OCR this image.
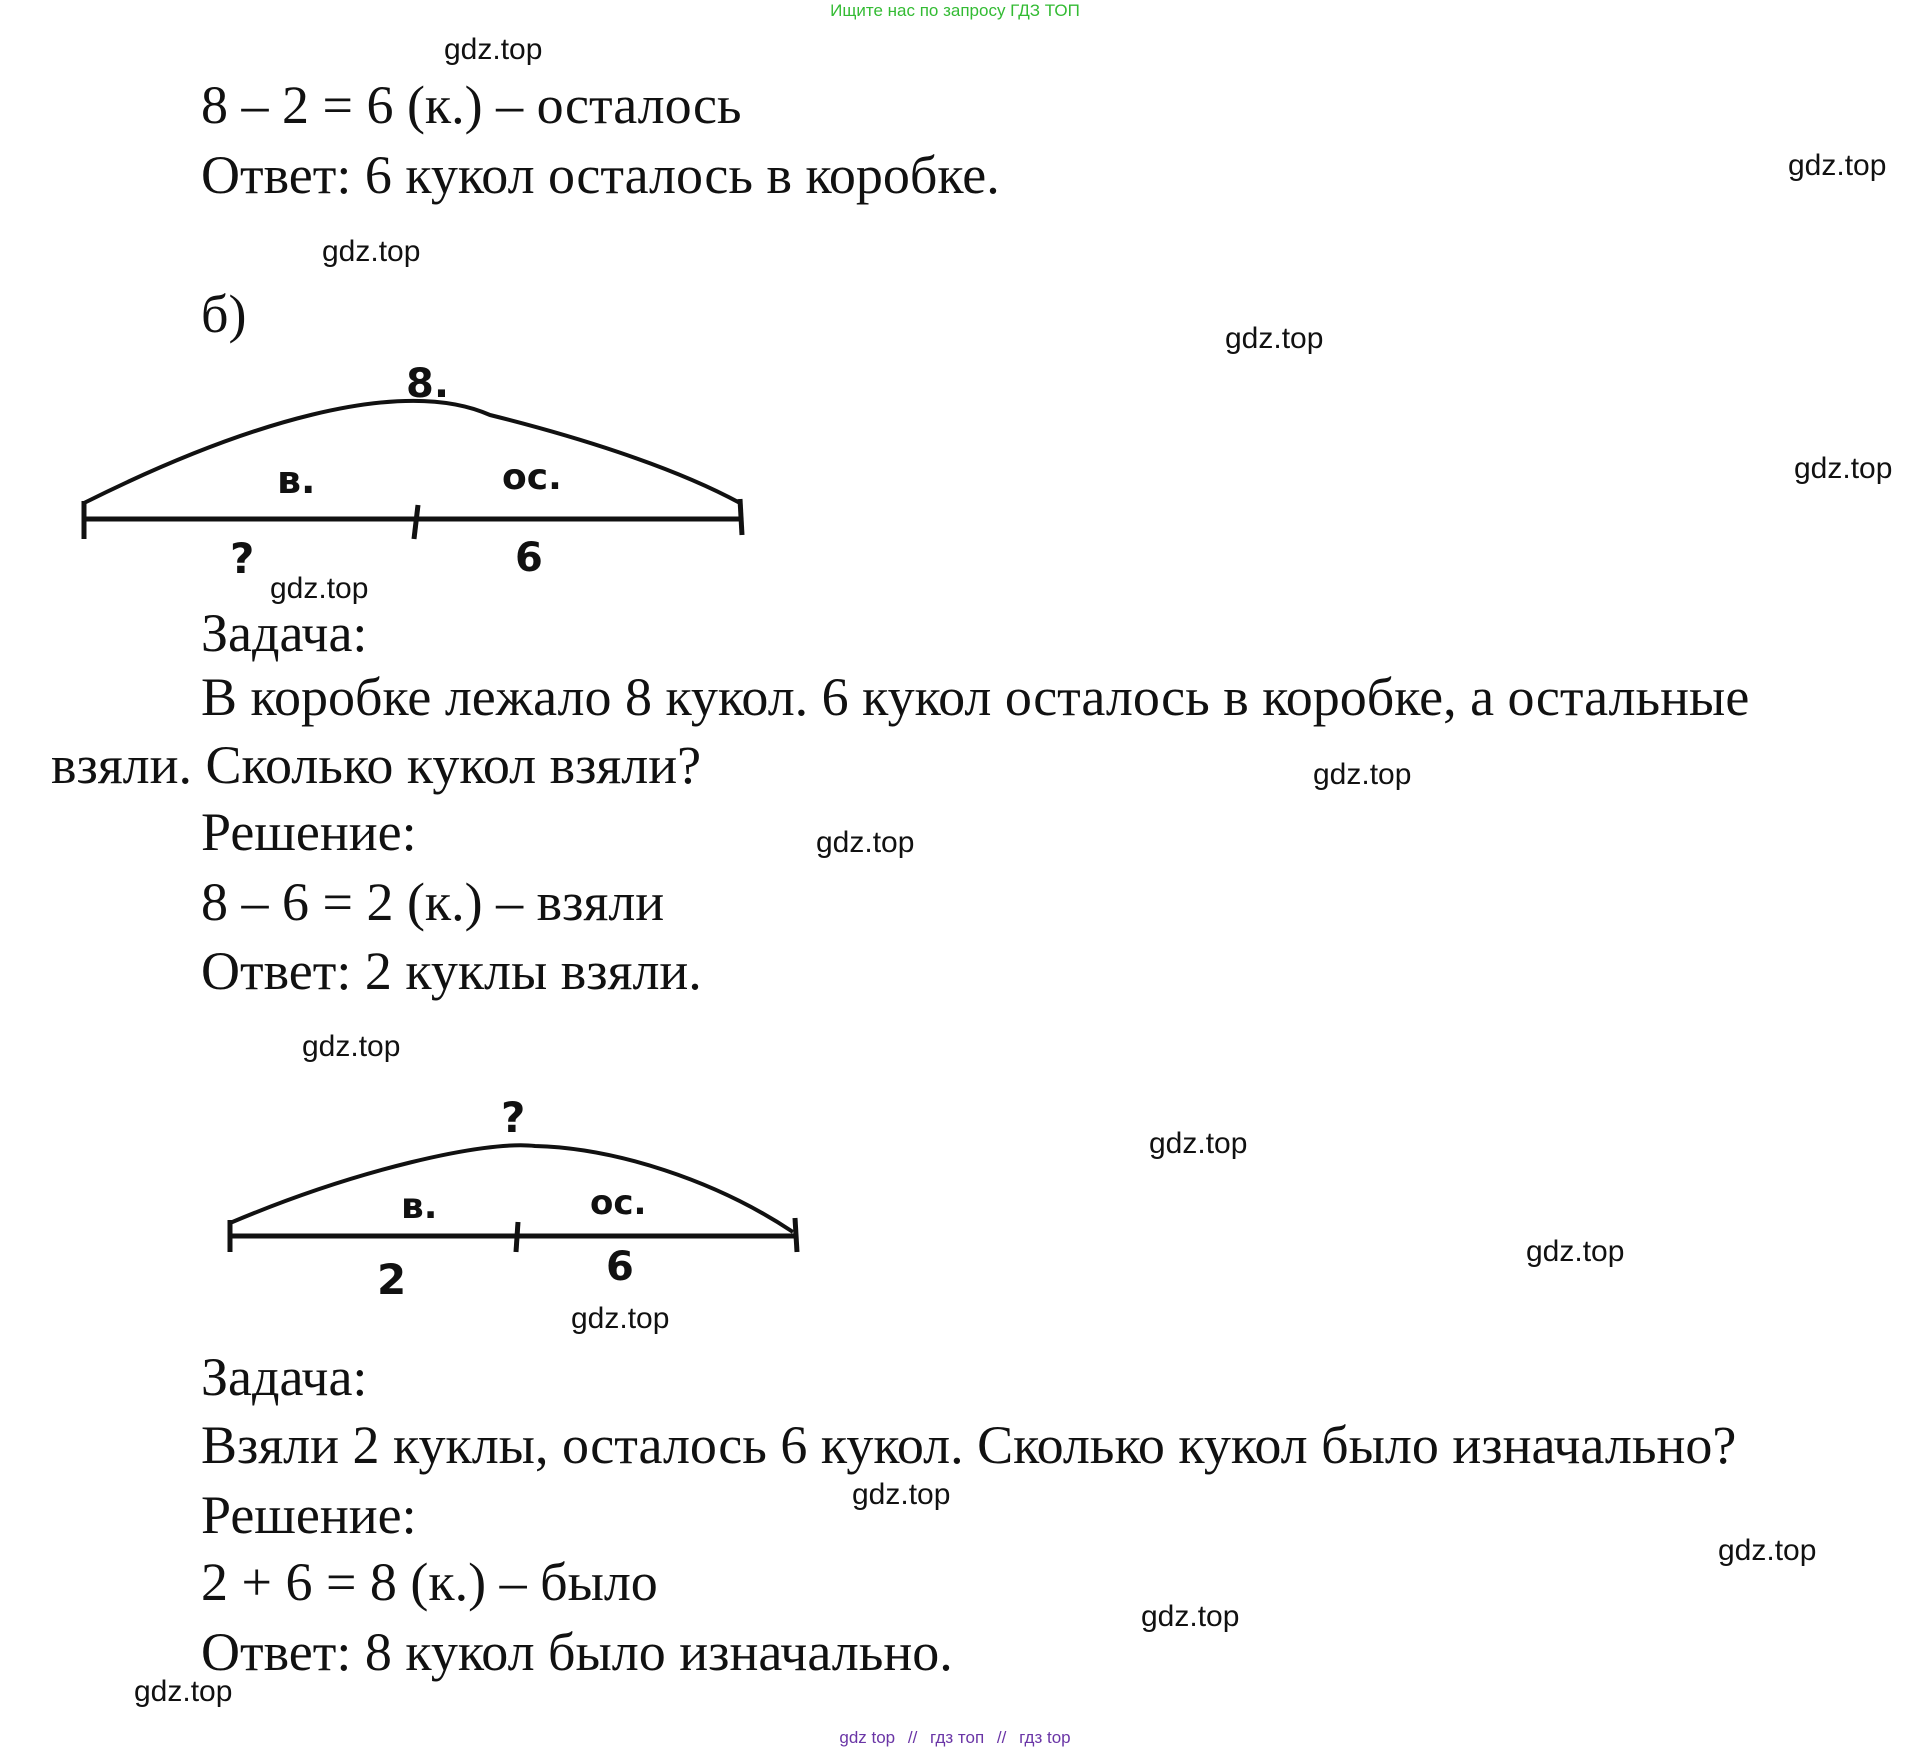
Ищите нас по запросу ГДЗ ТОП
8 – 2 = 6 (к.) – осталось
Ответ: 6 кукол осталось в коробке.
б)
8.
в.	ос.
?	6
Задача:
В коробке лежало 8 кукол. 6 кукол осталось в коробке, а остальные
взяли. Сколько кукол взяли?
Решение:
8 – 6 = 2 (к.) – взяли
Ответ: 2 куклы взяли.
?
в.	ос.
2	6
Задача:
Взяли 2 куклы, осталось 6 кукол. Сколько кукол было изначально?
Решение:
2 + 6 = 8 (к.) – было
Ответ: 8 кукол было изначально.
gdz.top
gdz.top
gdz.top
gdz.top
gdz.top
gdz.top
gdz.top
gdz.top
gdz.top
gdz.top
gdz.top
gdz.top
gdz.top
gdz.top
gdz.top
gdz.top
gdz top // гдз топ // гдз top
